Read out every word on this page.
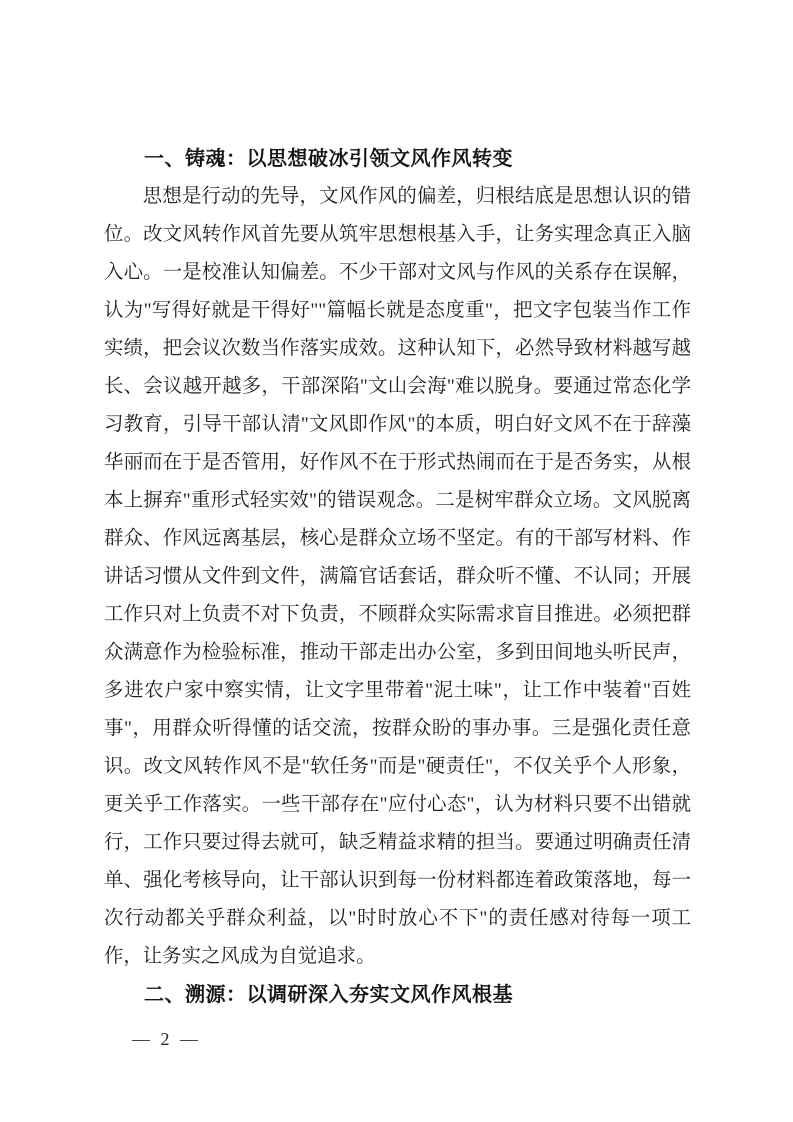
一、铸魂：以思想破冰引领文风作风转变

思想是行动的先导，文风作风的偏差，归根结底是思想认识的错位。改文风转作风首先要从筑牢思想根基入手，让务实理念真正入脑入心。一是校准认知偏差。不少干部对文风与作风的关系存在误解，认为"写得好就是干得好""篇幅长就是态度重"，把文字包装当作工作实绩，把会议次数当作落实成效。这种认知下，必然导致材料越写越长、会议越开越多，干部深陷"文山会海"难以脱身。要通过常态化学习教育，引导干部认清"文风即作风"的本质，明白好文风不在于辞藻华丽而在于是否管用，好作风不在于形式热闹而在于是否务实，从根本上摒弃"重形式轻实效"的错误观念。二是树牢群众立场。文风脱离群众、作风远离基层，核心是群众立场不坚定。有的干部写材料、作讲话习惯从文件到文件，满篇官话套话，群众听不懂、不认同；开展工作只对上负责不对下负责，不顾群众实际需求盲目推进。必须把群众满意作为检验标准，推动干部走出办公室，多到田间地头听民声，多进农户家中察实情，让文字里带着"泥土味"，让工作中装着"百姓事"，用群众听得懂的话交流，按群众盼的事办事。三是强化责任意识。改文风转作风不是"软任务"而是"硬责任"，不仅关乎个人形象，更关乎工作落实。一些干部存在"应付心态"，认为材料只要不出错就行，工作只要过得去就可，缺乏精益求精的担当。要通过明确责任清单、强化考核导向，让干部认识到每一份材料都连着政策落地，每一次行动都关乎群众利益，以"时时放心不下"的责任感对待每一项工作，让务实之风成为自觉追求。

二、溯源：以调研深入夯实文风作风根基
— 2 —
